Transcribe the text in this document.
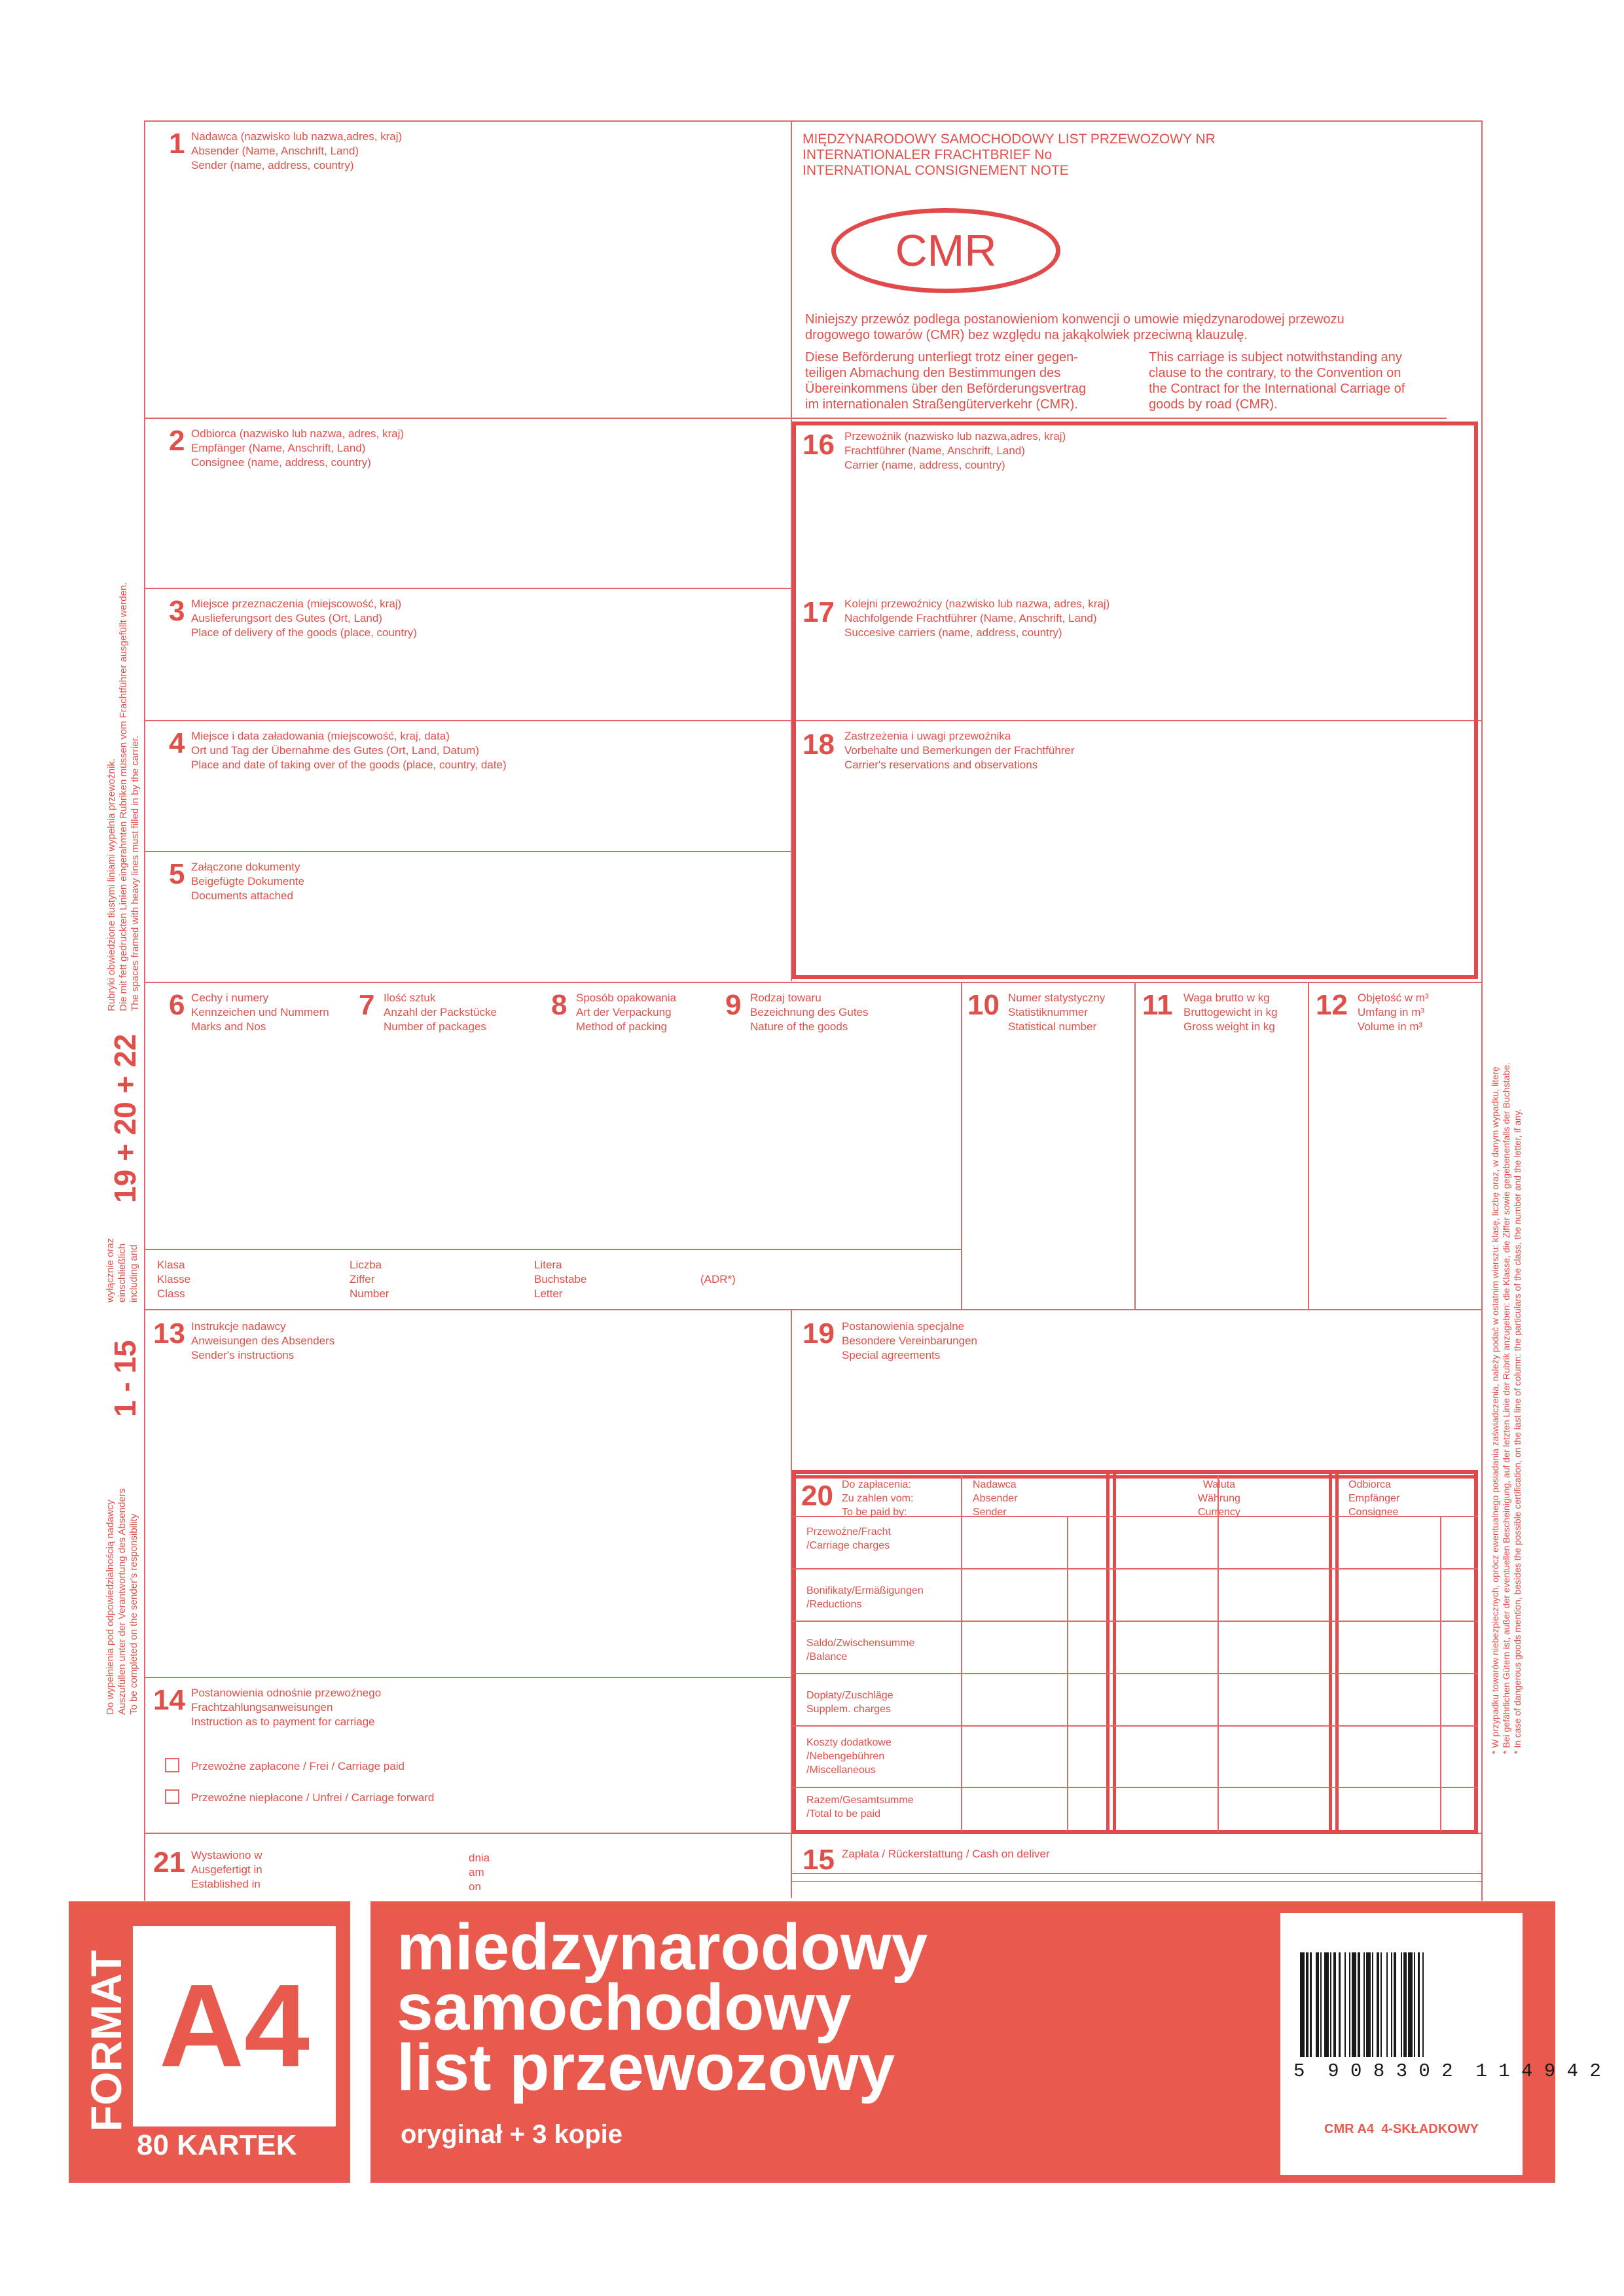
MIĘDZYNARODOWY SAMOCHODOWY LIST PRZEWOZOWY NR
INTERNATIONALER FRACHTBRIEF No
INTERNATIONAL CONSIGNEMENT NOTE
CMR
Niniejszy przewóz podlega postanowieniom konwencji o umowie międzynarodowej przewozu
drogowego towarów (CMR) bez względu na jakąkolwiek przeciwną klauzulę.
Diese Beförderung unterliegt trotz einer gegen-
teiligen Abmachung den Bestimmungen des
Übereinkommens über den Beförderungsvertrag
im internationalen Straßengüterverkehr (CMR).
This carriage is subject notwithstanding any
clause to the contrary, to the Convention on
the Contract for the International Carriage of
goods by road (CMR).
1 Nadawca (nazwisko lub nazwa,adres, kraj)
Absender (Name, Anschrift, Land)
Sender (name, address, country)
2 Odbiorca (nazwisko lub nazwa, adres, kraj)
Empfänger (Name, Anschrift, Land)
Consignee (name, address, country)
3 Miejsce przeznaczenia (miejscowość, kraj)
Auslieferungsort des Gutes (Ort, Land)
Place of delivery of the goods (place, country)
4 Miejsce i data załadowania (miejscowość, kraj, data)
Ort und Tag der Übernahme des Gutes (Ort, Land, Datum)
Place and date of taking over of the goods (place, country, date)
5 Załączone dokumenty
Beigefügte Dokumente
Documents attached
6 Cechy i numery
Kennzeichen und Nummern
Marks and Nos
7 Ilość sztuk
Anzahl der Packstücke
Number of packages
8 Sposób opakowania
Art der Verpackung
Method of packing
9 Rodzaj towaru
Bezeichnung des Gutes
Nature of the goods
10 Numer statystyczny
Statistiknummer
Statistical number
11 Waga brutto w kg
Bruttogewicht in kg
Gross weight in kg
12 Objętość w m³
Umfang in m³
Volume in m³
Klasa
Klasse
Class
Liczba
Ziffer
Number
Litera
Buchstabe
Letter
(ADR*)
13 Instrukcje nadawcy
Anweisungen des Absenders
Sender's instructions
14 Postanowienia odnośnie przewoźnego
Frachtzahlungsanweisungen
Instruction as to payment for carriage
Przewoźne zapłacone / Frei / Carriage paid
Przewoźne niepłacone / Unfrei / Carriage forward
21 Wystawiono w
Ausgefertigt in
Established in
dnia
am
on
15 Zapłata / Rückerstattung / Cash on deliver
16 Przewoźnik (nazwisko lub nazwa,adres, kraj)
Frachtführer (Name, Anschrift, Land)
Carrier (name, address, country)
17 Kolejni przewoźnicy (nazwisko lub nazwa, adres, kraj)
Nachfolgende Frachtführer (Name, Anschrift, Land)
Succesive carriers (name, address, country)
18 Zastrzeżenia i uwagi przewoźnika
Vorbehalte und Bemerkungen der Frachtführer
Carrier's reservations and observations
19 Postanowienia specjalne
Besondere Vereinbarungen
Special agreements
20 Do zapłacenia:
Zu zahlen vom:
To be paid by:
Nadawca
Absender
Sender
Waluta
Währung
Currency
Odbiorca
Empfänger
Consignee
Przewoźne/Fracht
/Carriage charges
Bonifikaty/Ermäßigungen
/Reductions
Saldo/Zwischensumme
/Balance
Dopłaty/Zuschläge
Supplem. charges
Koszty dodatkowe
/Nebengebühren
/Miscellaneous
Razem/Gesamtsumme
/Total to be paid
Rubryki obwiedzione tłustymi liniami wypełnia przewoźnik.
Die mit fett gedruckten Linien eingerahmten Rubriken müssen vom Frachtführer ausgefüllt werden.
The spaces framed with heavy lines must filled in by the carrier.
19 + 20 + 22
wyłącznie oraz
einschließlich
including and
1 - 15
Do wypełnienia pod odpowiedzialnością nadawcy
Auszufüllen unter der Verantwortung des Absenders
To be completed on the sender's responsibility
* W przypadku towarów niebezpiecznych, oprócz ewentualnego posiadania zaświadczenia, należy podać w ostatnim wierszu: klasę, liczbę oraz, w danym wypadku, literę
* Bei gefährlichen Gütern ist, außer der eventuellen Bescheinigung, auf der letzten Linie der Rubrik anzugeben: die Klasse, die Ziffer sowie gegebenenfalls der Buchstabe.
* In case of dangerous goods mention, besides the possible certification, on the last line of column: the particulars of the class, the number and the letter, if any.
FORMAT A4
80 KARTEK
miedzynarodowy
samochodowy
list przewozowy
oryginał + 3 kopie
5  9 0 8 3 0 2  1 1 4 9 4 2
CMR A4  4-SKŁADKOWY
